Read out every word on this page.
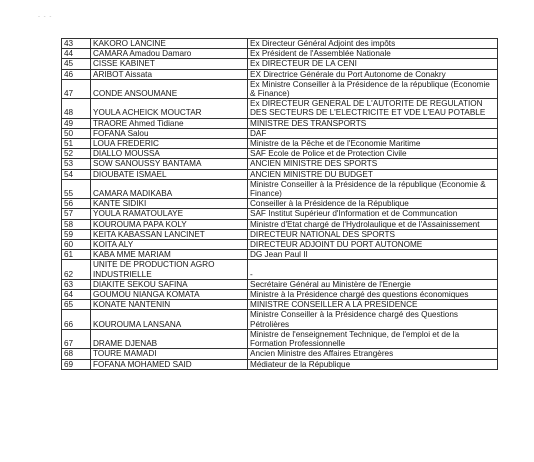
- - -
43	KAKORO LANCINE	Ex Directeur Général Adjoint des impôts
44	CAMARA Amadou Damaro	Ex Président de l'Assemblée Nationale
45	CISSE KABINET	Ex DIRECTEUR DE LA CENI
46	ARIBOT Aissata	EX Directrice Générale du Port Autonome de Conakry
47	CONDE ANSOUMANE	Ex Ministre Conseiller à la Présidence de la république (Economie & Finance)
48	YOULA ACHEICK MOUCTAR	Ex DIRECTEUR GENERAL DE L'AUTORITE DE REGULATION DES SECTEURS DE L'ELECTRICITE ET VDE L'EAU POTABLE
49	TRAORE Ahmed Tidiane	MINISTRE DES TRANSPORTS
50	FOFANA Salou	DAF
51	LOUA FREDERIC	Ministre de la Pêche et de l'Economie Maritime
52	DIALLO MOUSSA	SAF Ecole de Police et de Protection Civile
53	SOW SANOUSSY BANTAMA	ANCIEN MINISTRE DES SPORTS
54	DIOUBATE ISMAEL	ANCIEN MINISTRE DU BUDGET
55	CAMARA MADIKABA	Ministre Conseiller à la Présidence de la république (Economie & Finance)
56	KANTE SIDIKI	Conseiller à la Présidence de la République
57	YOULA RAMATOULAYE	SAF Institut Supérieur d'Information et de Communcation
58	KOUROUMA PAPA KOLY	Ministre d'Etat chargé de l'Hydrolaulique et de l'Assainissement
59	KEITA KABASSAN LANCINET	DIRECTEUR NATIONAL DES SPORTS
60	KOITA ALY	DIRECTEUR ADJOINT DU PORT AUTONOME
61	KABA MME MARIAM	DG Jean Paul II
62	UNITE DE PRODUCTION AGRO INDUSTRIELLE	-
63	DIAKITE SEKOU SAFINA	Secrétaire Général au Ministère de l'Energie
64	GOUMOU NIANGA KOMATA	Ministre à la Présidence chargé des questions économiques
65	KONATE NANTENIN	MINISTRE CONSEILLER A LA PRESIDENCE
66	KOUROUMA LANSANA	Ministre Conseiller à la Présidence chargé des Questions Pétrolières
67	DRAME DJENAB	Ministre de l'enseignement Technique, de l'emploi et de la Formation Professionnelle
68	TOURE MAMADI	Ancien Ministre des Affaires Etrangères
69	FOFANA MOHAMED SAID	Médiateur de la République
